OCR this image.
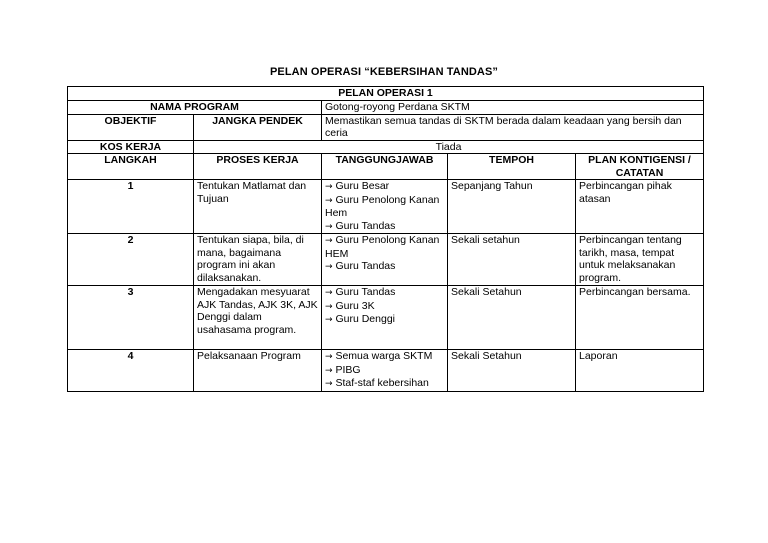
PELAN OPERASI “KEBERSIHAN TANDAS”
PELAN OPERASI 1				
NAMA PROGRAM		Gotong-royong Perdana SKTM		
OBJEKTIF	JANGKA PENDEK	Memastikan semua tandas di SKTM berada dalam keadaan yang bersih dan ceria		
KOS KERJA	Tiada			
LANGKAH	PROSES KERJA	TANGGUNGJAWAB	TEMPOH	PLAN KONTIGENSI / CATATAN
1	Tentukan Matlamat dan Tujuan	→ Guru Besar
→ Guru Penolong Kanan Hem
→ Guru Tandas	Sepanjang Tahun	Perbincangan pihak atasan
2	Tentukan siapa, bila, di mana, bagaimana program ini akan dilaksanakan.	→ Guru Penolong Kanan HEM
→ Guru Tandas	Sekali setahun	Perbincangan tentang tarikh, masa, tempat untuk melaksanakan program.
3	Mengadakan mesyuarat AJK Tandas, AJK 3K, AJK Denggi dalam usahasama program.	→ Guru Tandas
→ Guru 3K
→ Guru Denggi	Sekali Setahun	Perbincangan bersama.
4	Pelaksanaan Program	→ Semua warga SKTM
→ PIBG
→ Staf-staf kebersihan	Sekali Setahun	Laporan
